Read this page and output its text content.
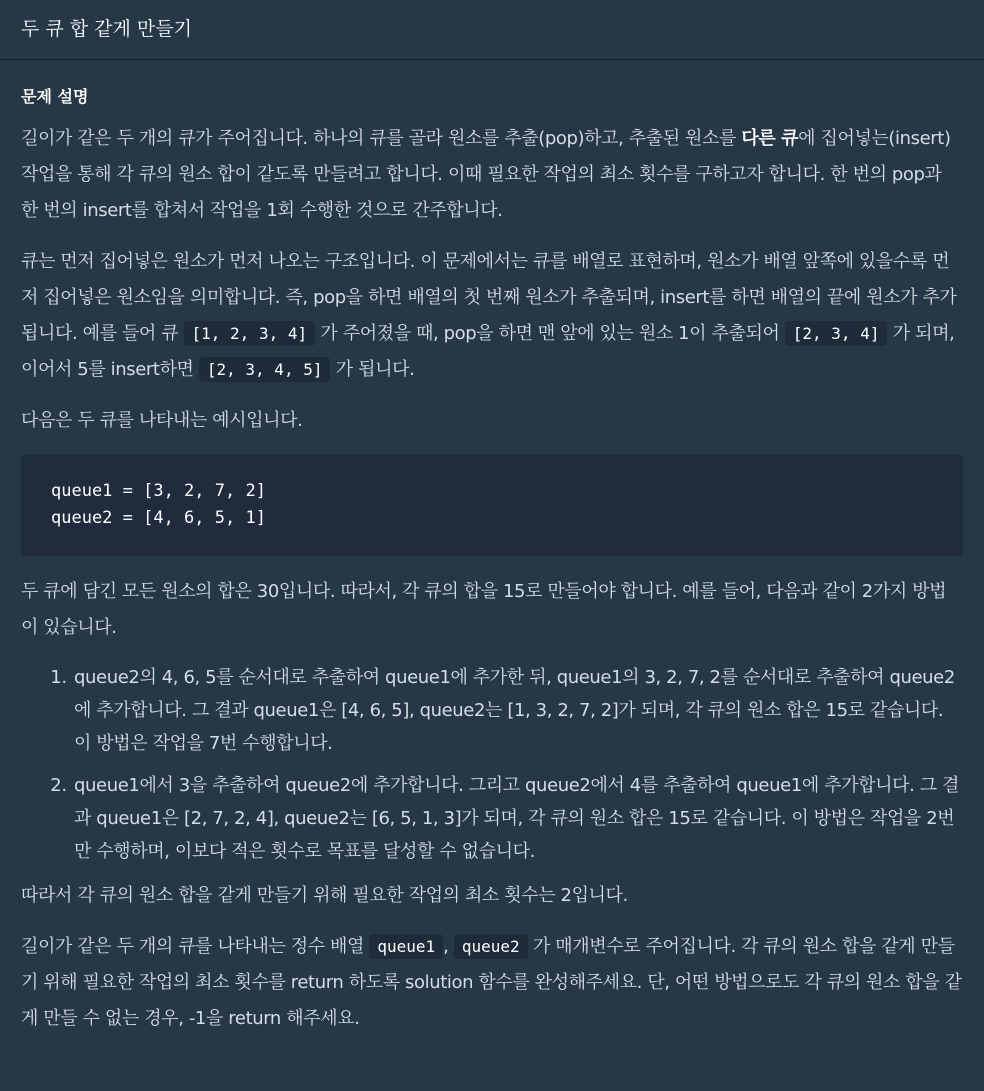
두 큐 합 같게 만들기
문제 설명

길이가 같은 두 개의 큐가 주어집니다. 하나의 큐를 골라 원소를 추출(pop)하고, 추출된 원소를 다른 큐에 집어넣는(insert) 작업을 통해 각 큐의 원소 합이 같도록 만들려고 합니다. 이때 필요한 작업의 최소 횟수를 구하고자 합니다. 한 번의 pop과 한 번의 insert를 합쳐서 작업을 1회 수행한 것으로 간주합니다.

큐는 먼저 집어넣은 원소가 먼저 나오는 구조입니다. 이 문제에서는 큐를 배열로 표현하며, 원소가 배열 앞쪽에 있을수록 먼저 집어넣은 원소임을 의미합니다. 즉, pop을 하면 배열의 첫 번째 원소가 추출되며, insert를 하면 배열의 끝에 원소가 추가됩니다. 예를 들어 큐 [1, 2, 3, 4] 가 주어졌을 때, pop을 하면 맨 앞에 있는 원소 1이 추출되어 [2, 3, 4] 가 되며, 이어서 5를 insert하면 [2, 3, 4, 5] 가 됩니다.

다음은 두 큐를 나타내는 예시입니다.

queue1 = [3, 2, 7, 2]
queue2 = [4, 6, 5, 1]

두 큐에 담긴 모든 원소의 합은 30입니다. 따라서, 각 큐의 합을 15로 만들어야 합니다. 예를 들어, 다음과 같이 2가지 방법이 있습니다.

1. queue2의 4, 6, 5를 순서대로 추출하여 queue1에 추가한 뒤, queue1의 3, 2, 7, 2를 순서대로 추출하여 queue2에 추가합니다. 그 결과 queue1은 [4, 6, 5], queue2는 [1, 3, 2, 7, 2]가 되며, 각 큐의 원소 합은 15로 같습니다. 이 방법은 작업을 7번 수행합니다.
2. queue1에서 3을 추출하여 queue2에 추가합니다. 그리고 queue2에서 4를 추출하여 queue1에 추가합니다. 그 결과 queue1은 [2, 7, 2, 4], queue2는 [6, 5, 1, 3]가 되며, 각 큐의 원소 합은 15로 같습니다. 이 방법은 작업을 2번만 수행하며, 이보다 적은 횟수로 목표를 달성할 수 없습니다.

따라서 각 큐의 원소 합을 같게 만들기 위해 필요한 작업의 최소 횟수는 2입니다.

길이가 같은 두 개의 큐를 나타내는 정수 배열 queue1 , queue2 가 매개변수로 주어집니다. 각 큐의 원소 합을 같게 만들기 위해 필요한 작업의 최소 횟수를 return 하도록 solution 함수를 완성해주세요. 단, 어떤 방법으로도 각 큐의 원소 합을 같게 만들 수 없는 경우, -1을 return 해주세요.
